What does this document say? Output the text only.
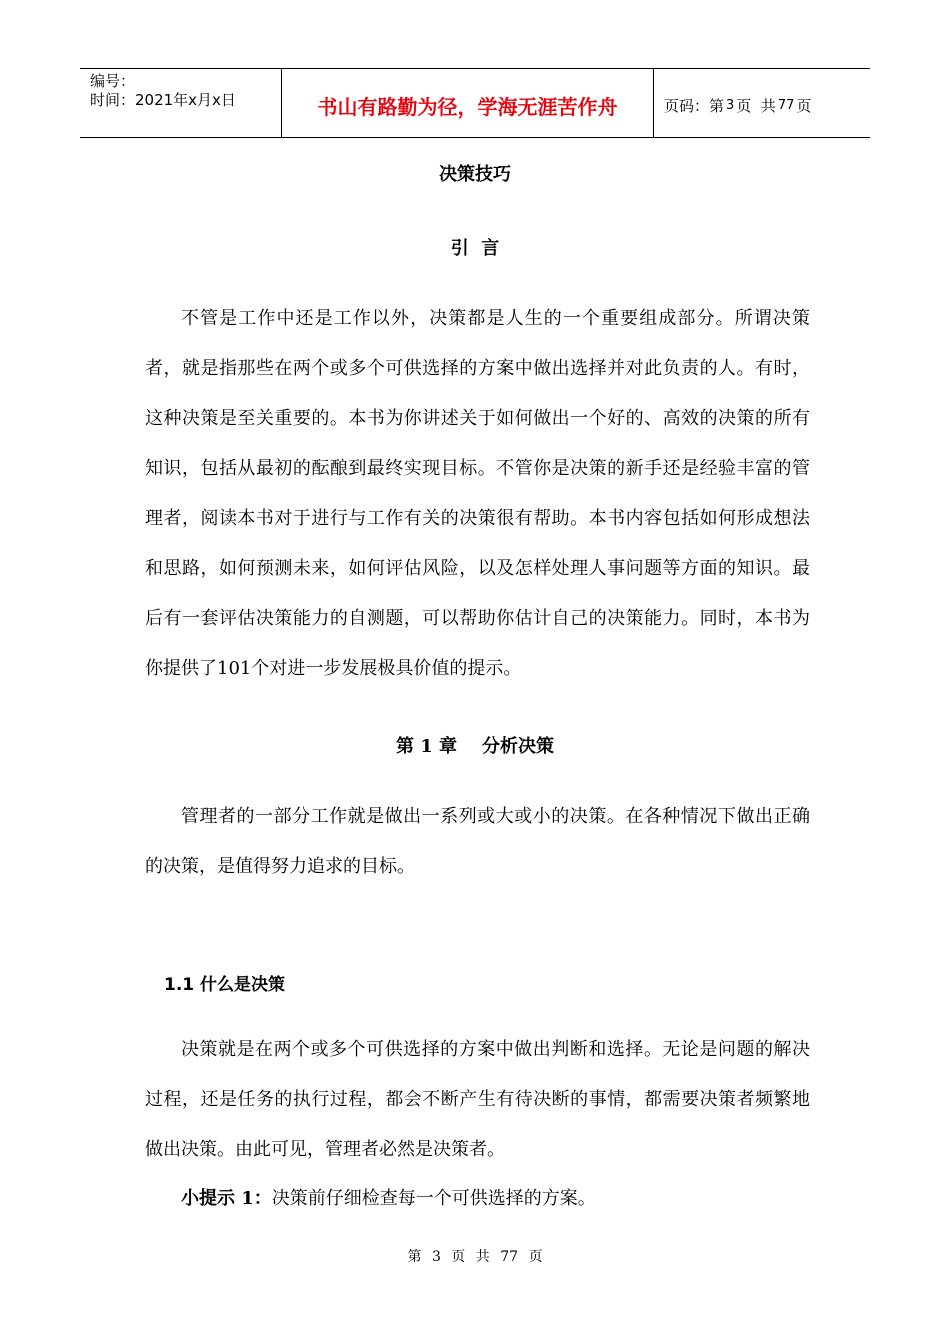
编号：
时间：2021年x月x日	书山有路勤为径，学海无涯苦作舟	页码：第 3 页  共 77 页
决策技巧
引  言

不管是工作中还是工作以外，决策都是人生的一个重要组成部分。所谓决策者，就是指那些在两个或多个可供选择的方案中做出选择并对此负责的人。有时，这种决策是至关重要的。本书为你讲述关于如何做出一个好的、高效的决策的所有知识，包括从最初的酝酿到最终实现目标。不管你是决策的新手还是经验丰富的管理者，阅读本书对于进行与工作有关的决策很有帮助。本书内容包括如何形成想法和思路，如何预测未来，如何评估风险，以及怎样处理人事问题等方面的知识。最后有一套评估决策能力的自测题，可以帮助你估计自己的决策能力。同时，本书为你提供了101个对进一步发展极具价值的提示。

第 1 章    分析决策

管理者的一部分工作就是做出一系列或大或小的决策。在各种情况下做出正确的决策，是值得努力追求的目标。

1.1 什么是决策

决策就是在两个或多个可供选择的方案中做出判断和选择。无论是问题的解决过程，还是任务的执行过程，都会不断产生有待决断的事情，都需要决策者频繁地做出决策。由此可见，管理者必然是决策者。

小提示 1：决策前仔细检查每一个可供选择的方案。
第 3 页 共 77 页
